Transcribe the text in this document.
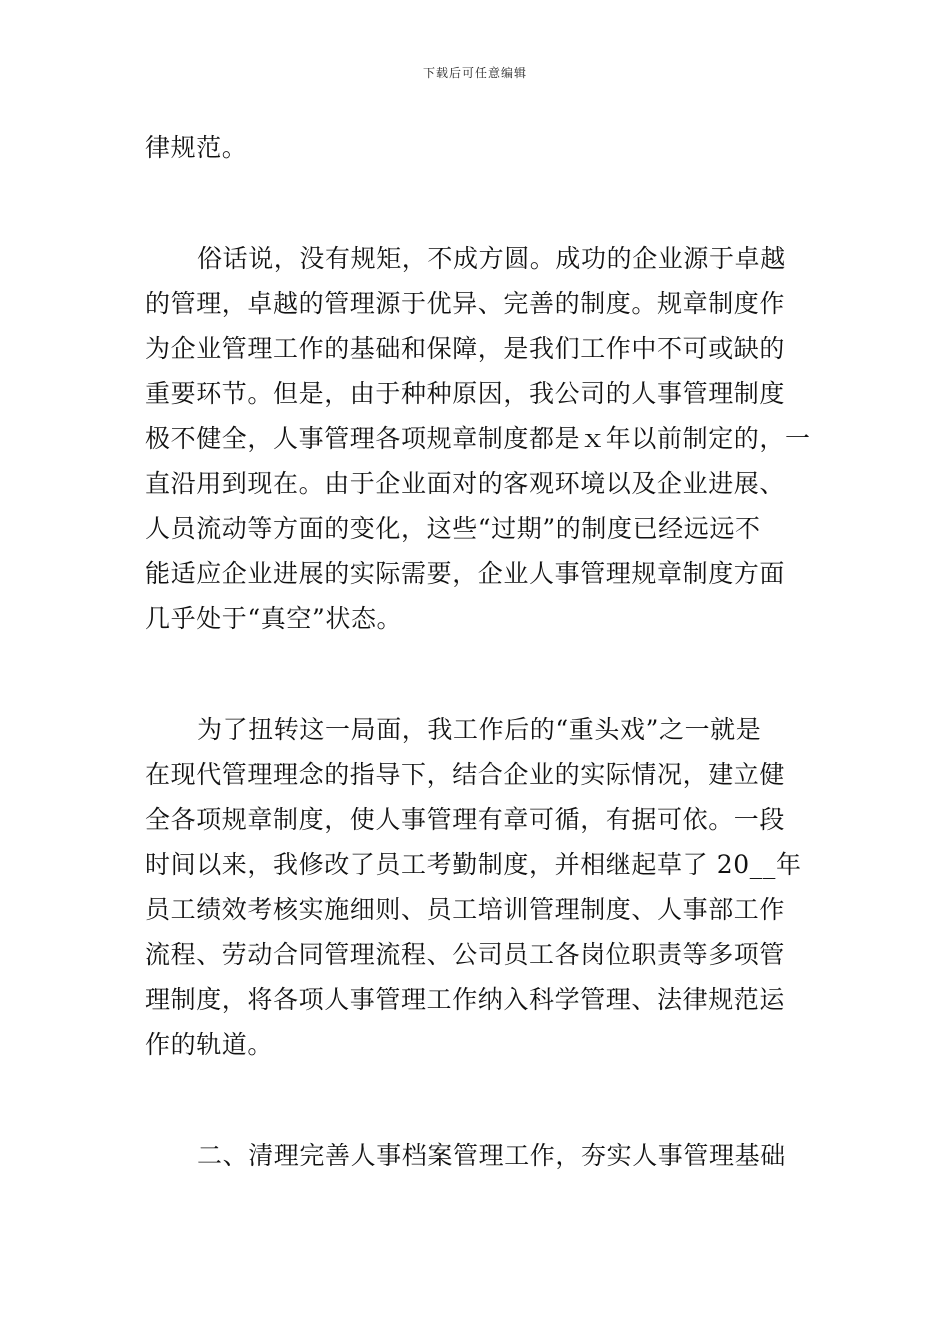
下载后可任意编辑
律规范。
俗话说，没有规矩，不成方圆。成功的企业源于卓越
的管理，卓越的管理源于优异、完善的制度。规章制度作
为企业管理工作的基础和保障，是我们工作中不可或缺的
重要环节。但是，由于种种原因，我公司的人事管理制度
极不健全，人事管理各项规章制度都是ｘ年以前制定的，一
直沿用到现在。由于企业面对的客观环境以及企业进展、
人员流动等方面的变化，这些“过期”的制度已经远远不
能适应企业进展的实际需要，企业人事管理规章制度方面
几乎处于“真空”状态。
为了扭转这一局面，我工作后的“重头戏”之一就是
在现代管理理念的指导下，结合企业的实际情况，建立健
全各项规章制度，使人事管理有章可循，有据可依。一段
时间以来，我修改了员工考勤制度，并相继起草了 20__年
员工绩效考核实施细则、员工培训管理制度、人事部工作
流程、劳动合同管理流程、公司员工各岗位职责等多项管
理制度，将各项人事管理工作纳入科学管理、法律规范运
作的轨道。
二、清理完善人事档案管理工作，夯实人事管理基础
